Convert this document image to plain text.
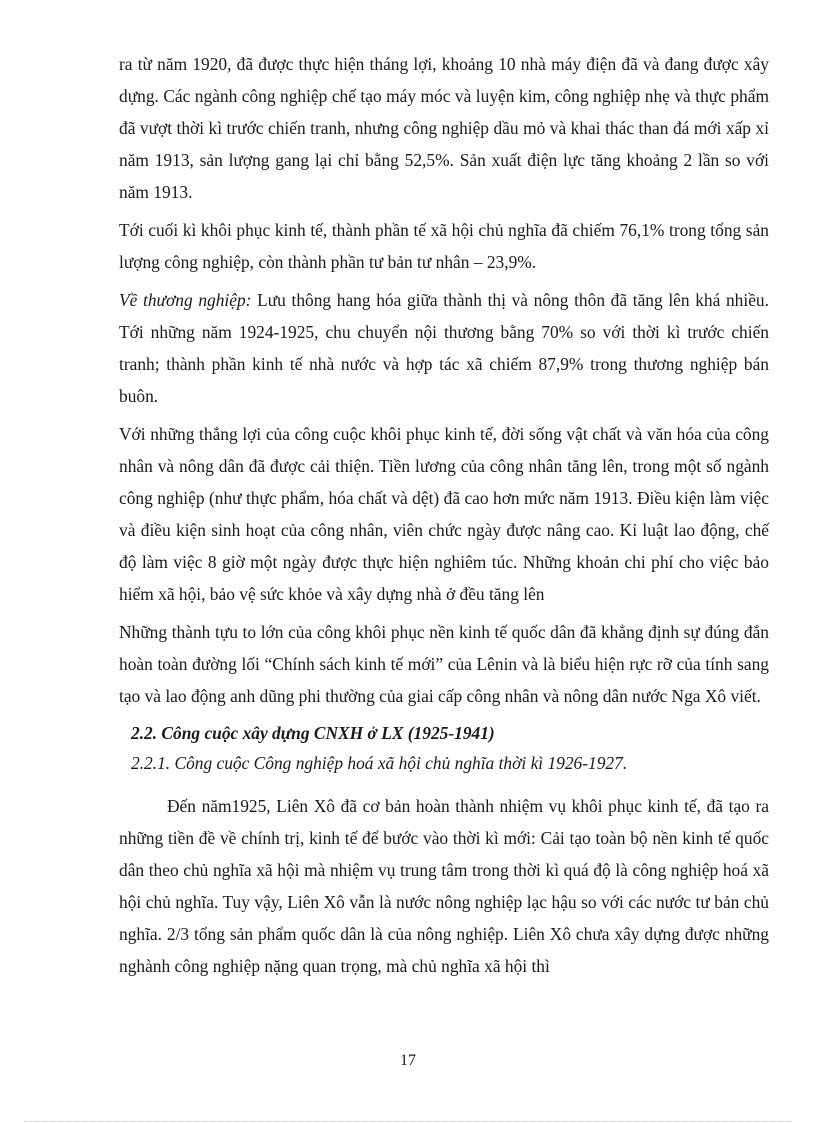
ra từ năm 1920, đã được thực hiện tháng lợi, khoảng 10 nhà máy điện đã và đang được xây dựng. Các ngành công nghiệp chế tạo máy móc và luyện kim, công nghiệp nhẹ và thực phẩm đã vượt thời kì trước chiến tranh, nhưng công nghiệp dầu mỏ và khai thác than đá mới xấp xỉ năm 1913, sản lượng gang lại chỉ bằng 52,5%. Sản xuất điện lực tăng khoảng 2 lần so với năm 1913.

Tới cuối kì khôi phục kinh tế, thành phần tế xã hội chủ nghĩa đã chiếm 76,1% trong tổng sản lượng công nghiệp, còn thành phần tư bản tư nhân – 23,9%.

Về thương nghiệp: Lưu thông hang hóa giữa thành thị và nông thôn đã tăng lên khá nhiều. Tới những năm 1924-1925, chu chuyển nội thương bằng 70% so với thời kì trước chiến tranh; thành phần kinh tế nhà nước và hợp tác xã chiếm 87,9% trong thương nghiệp bán buôn.

Với những thắng lợi của công cuộc khôi phục kinh tế, đời sống vật chất và văn hóa của công nhân và nông dân đã được cải thiện. Tiền lương của công nhân tăng lên, trong một số ngành công nghiệp (như thực phẩm, hóa chất và dệt) đã cao hơn mức năm 1913. Điều kiện làm việc và điều kiện sinh hoạt của công nhân, viên chức ngày được nâng cao. Kỉ luật lao động, chế độ làm việc 8 giờ một ngày được thực hiện nghiêm túc. Những khoản chi phí cho việc bảo hiểm xã hội, bảo vệ sức khỏe và xây dựng nhà ở đều tăng lên

Những thành tựu to lớn của công khôi phục nền kinh tế quốc dân đã khẳng định sự đúng đắn hoàn toàn đường lối “Chính sách kinh tế mới” của Lênin và là biểu hiện rực rỡ của tính sang tạo và lao động anh dũng phi thường của giai cấp công nhân và nông dân nước Nga Xô viết.

2.2. Công cuộc xây dựng CNXH ở LX (1925-1941)
2.2.1. Công cuộc Công nghiệp hoá xã hội chủ nghĩa thời kì 1926-1927.

Đến năm1925, Liên Xô đã cơ bản hoàn thành nhiệm vụ khôi phục kinh tế, đã tạo ra những tiền đề về chính trị, kinh tế để bước vào thời kì mới: Cải tạo toàn bộ nền kinh tế quốc dân theo chủ nghĩa xã hội mà nhiệm vụ trung tâm trong thời kì quá độ là công nghiệp hoá xã hội chủ nghĩa. Tuy vậy, Liên Xô vẫn là nước nông nghiệp lạc hậu so với các nước tư bản chủ nghĩa. 2/3 tổng sản phẩm quốc dân là của nông nghiệp. Liên Xô chưa xây dựng được những nghành công nghiệp nặng quan trọng, mà chủ nghĩa xã hội thì

17
